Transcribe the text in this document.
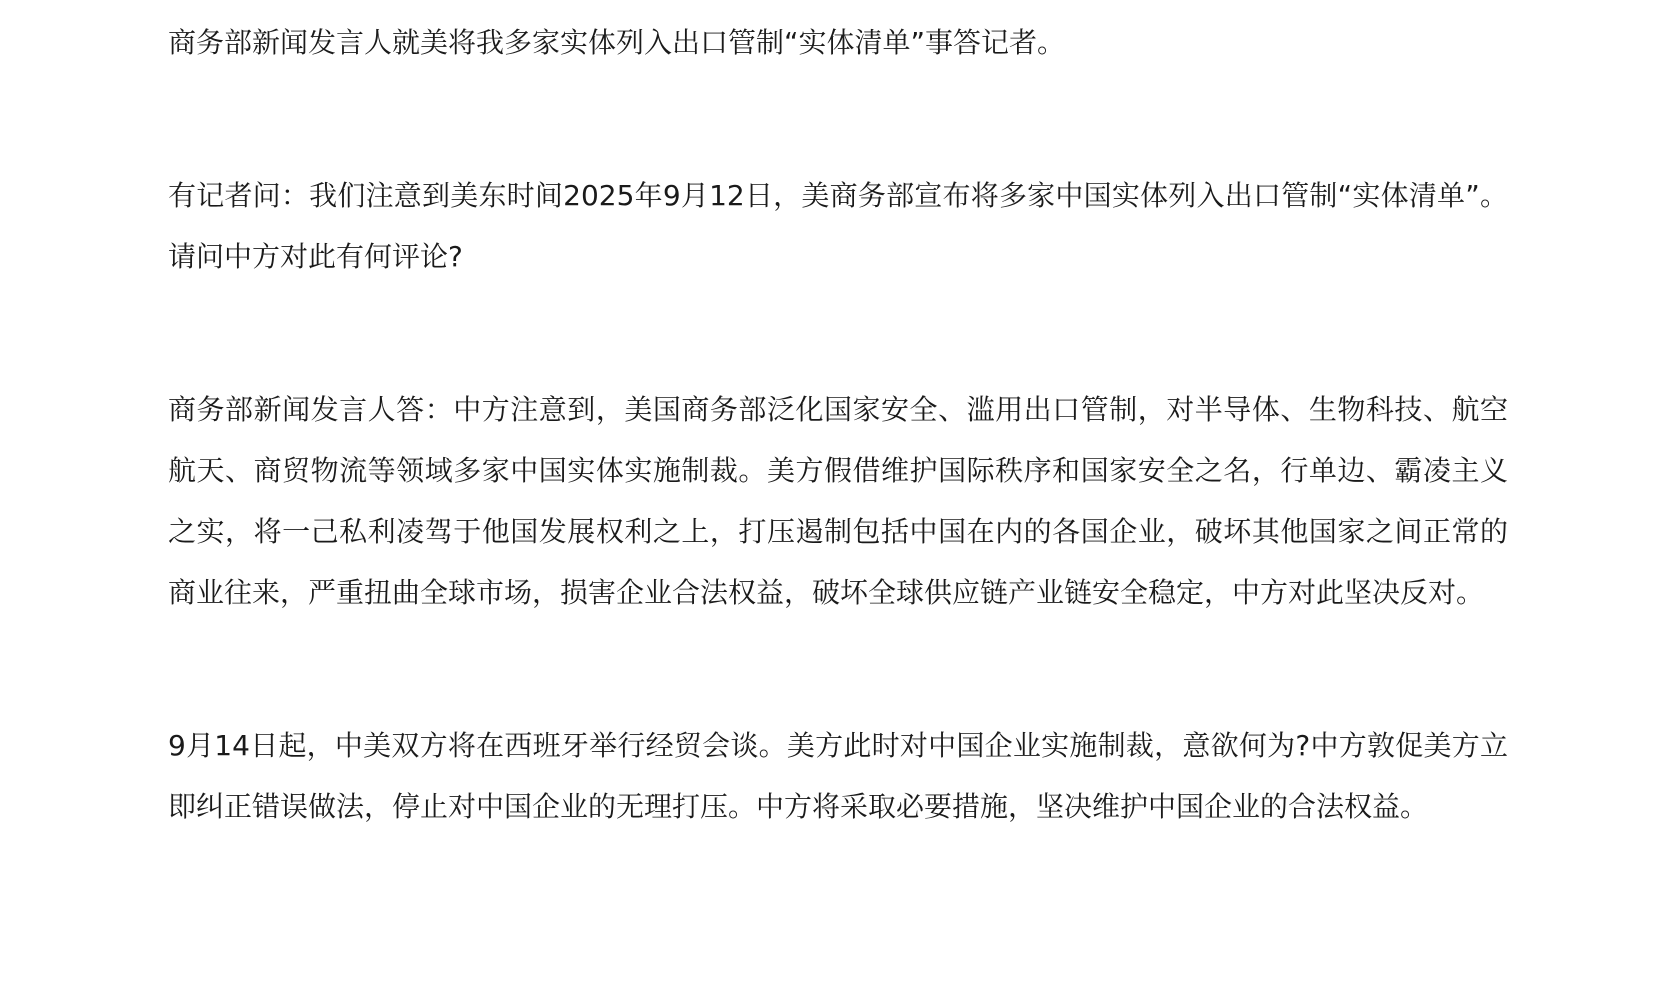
商务部新闻发言人就美将我多家实体列入出口管制“实体清单”事答记者。

有记者问：我们注意到美东时间2025年9月12日，美商务部宣布将多家中国实体列入出口管制“实体清单”。请问中方对此有何评论?

商务部新闻发言人答：中方注意到，美国商务部泛化国家安全、滥用出口管制，对半导体、生物科技、航空航天、商贸物流等领域多家中国实体实施制裁。美方假借维护国际秩序和国家安全之名，行单边、霸凌主义之实，将一己私利凌驾于他国发展权利之上，打压遏制包括中国在内的各国企业，破坏其他国家之间正常的商业往来，严重扭曲全球市场，损害企业合法权益，破坏全球供应链产业链安全稳定，中方对此坚决反对。

9月14日起，中美双方将在西班牙举行经贸会谈。美方此时对中国企业实施制裁，意欲何为?中方敦促美方立即纠正错误做法，停止对中国企业的无理打压。中方将采取必要措施，坚决维护中国企业的合法权益。
